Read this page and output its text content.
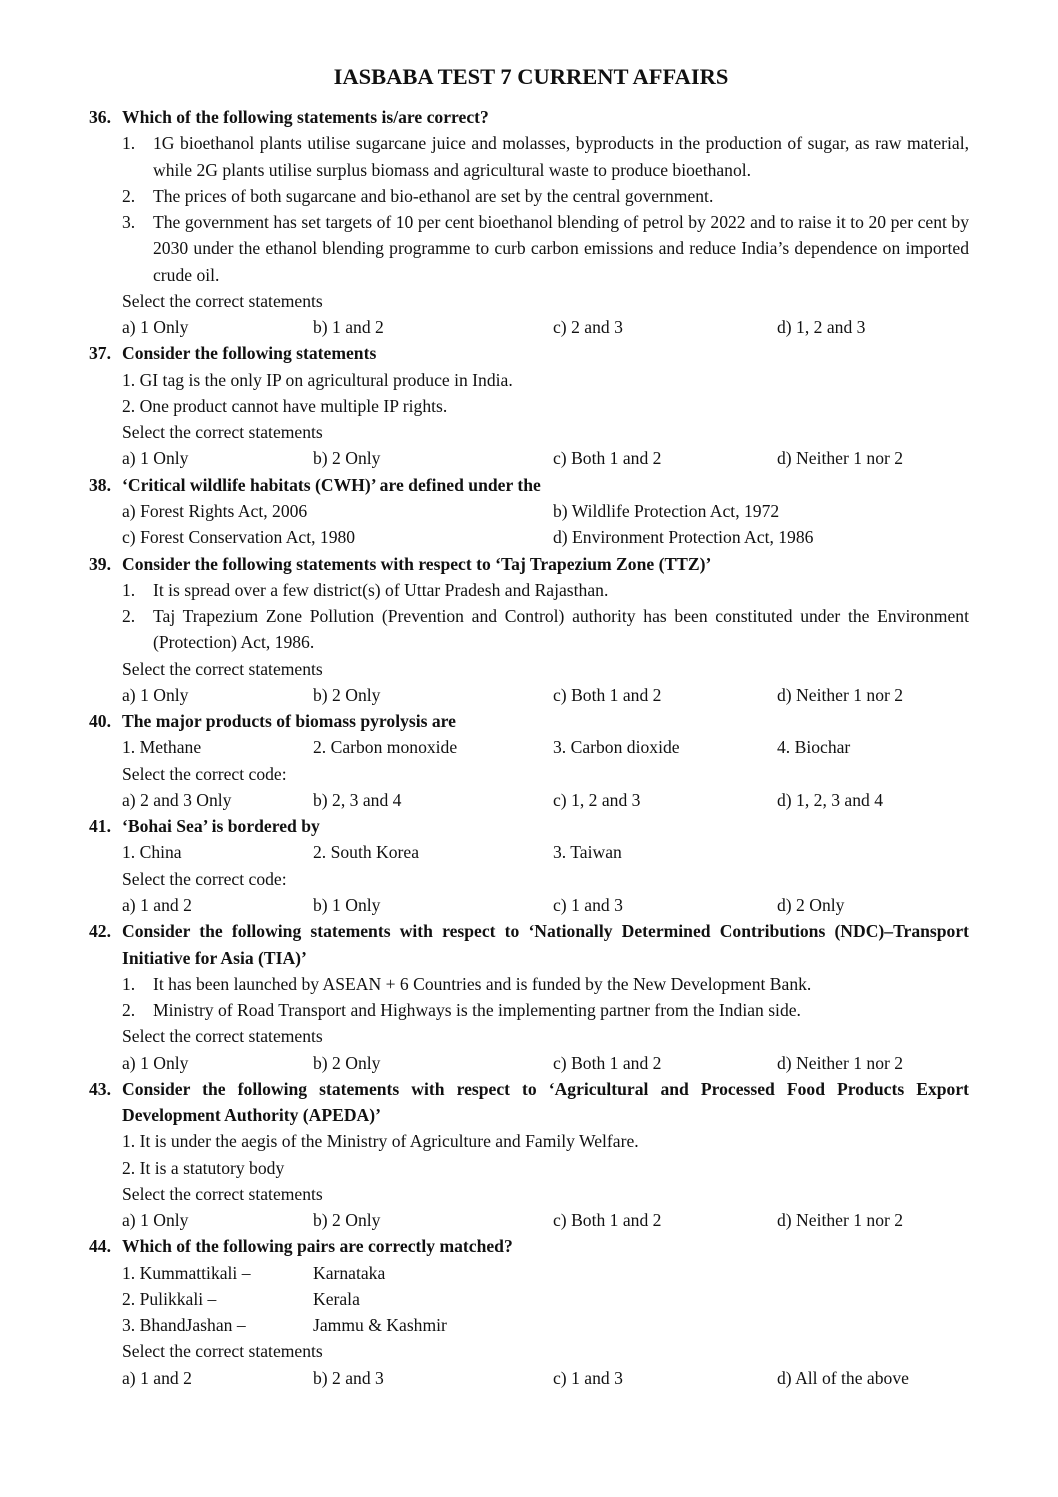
IASBABA TEST 7 CURRENT AFFAIRS
36. Which of the following statements is/are correct?
1.	1G bioethanol plants utilise sugarcane juice and molasses, byproducts in the production of sugar, as raw material, while 2G plants utilise surplus biomass and agricultural waste to produce bioethanol.
2.	The prices of both sugarcane and bio-ethanol are set by the central government.
3.	The government has set targets of 10 per cent bioethanol blending of petrol by 2022 and to raise it to 20 per cent by 2030 under the ethanol blending programme to curb carbon emissions and reduce India’s dependence on imported crude oil.
Select the correct statements
a) 1 Only	b) 1 and 2	c) 2 and 3	d) 1, 2 and 3
37. Consider the following statements
1. GI tag is the only IP on agricultural produce in India.
2. One product cannot have multiple IP rights.
Select the correct statements
a) 1 Only	b) 2 Only	c) Both 1 and 2	d) Neither 1 nor 2
38. ‘Critical wildlife habitats (CWH)’ are defined under the
a) Forest Rights Act, 2006	b) Wildlife Protection Act, 1972
c) Forest Conservation Act, 1980	d) Environment Protection Act, 1986
39. Consider the following statements with respect to ‘Taj Trapezium Zone (TTZ)’
1.	It is spread over a few district(s) of Uttar Pradesh and Rajasthan.
2.	Taj Trapezium Zone Pollution (Prevention and Control) authority has been constituted under the Environment (Protection) Act, 1986.
Select the correct statements
a) 1 Only	b) 2 Only	c) Both 1 and 2	d) Neither 1 nor 2
40. The major products of biomass pyrolysis are
1. Methane	2. Carbon monoxide	3. Carbon dioxide	4. Biochar
Select the correct code:
a) 2 and 3 Only	b) 2, 3 and 4	c) 1, 2 and 3	d) 1, 2, 3 and 4
41. ‘Bohai Sea’ is bordered by
1. China	2. South Korea	3. Taiwan
Select the correct code:
a) 1 and 2	b) 1 Only	c) 1 and 3	d) 2 Only
42. Consider the following statements with respect to ‘Nationally Determined Contributions (NDC)–Transport Initiative for Asia (TIA)’
1.	It has been launched by ASEAN + 6 Countries and is funded by the New Development Bank.
2.	Ministry of Road Transport and Highways is the implementing partner from the Indian side.
Select the correct statements
a) 1 Only	b) 2 Only	c) Both 1 and 2	d) Neither 1 nor 2
43. Consider the following statements with respect to ‘Agricultural and Processed Food Products Export Development Authority (APEDA)’
1. It is under the aegis of the Ministry of Agriculture and Family Welfare.
2. It is a statutory body
Select the correct statements
a) 1 Only	b) 2 Only	c) Both 1 and 2	d) Neither 1 nor 2
44. Which of the following pairs are correctly matched?
1. Kummattikali –	Karnataka
2. Pulikkali –	Kerala
3. BhandJashan –	Jammu & Kashmir
Select the correct statements
a) 1 and 2	b) 2 and 3	c) 1 and 3	d) All of the above
